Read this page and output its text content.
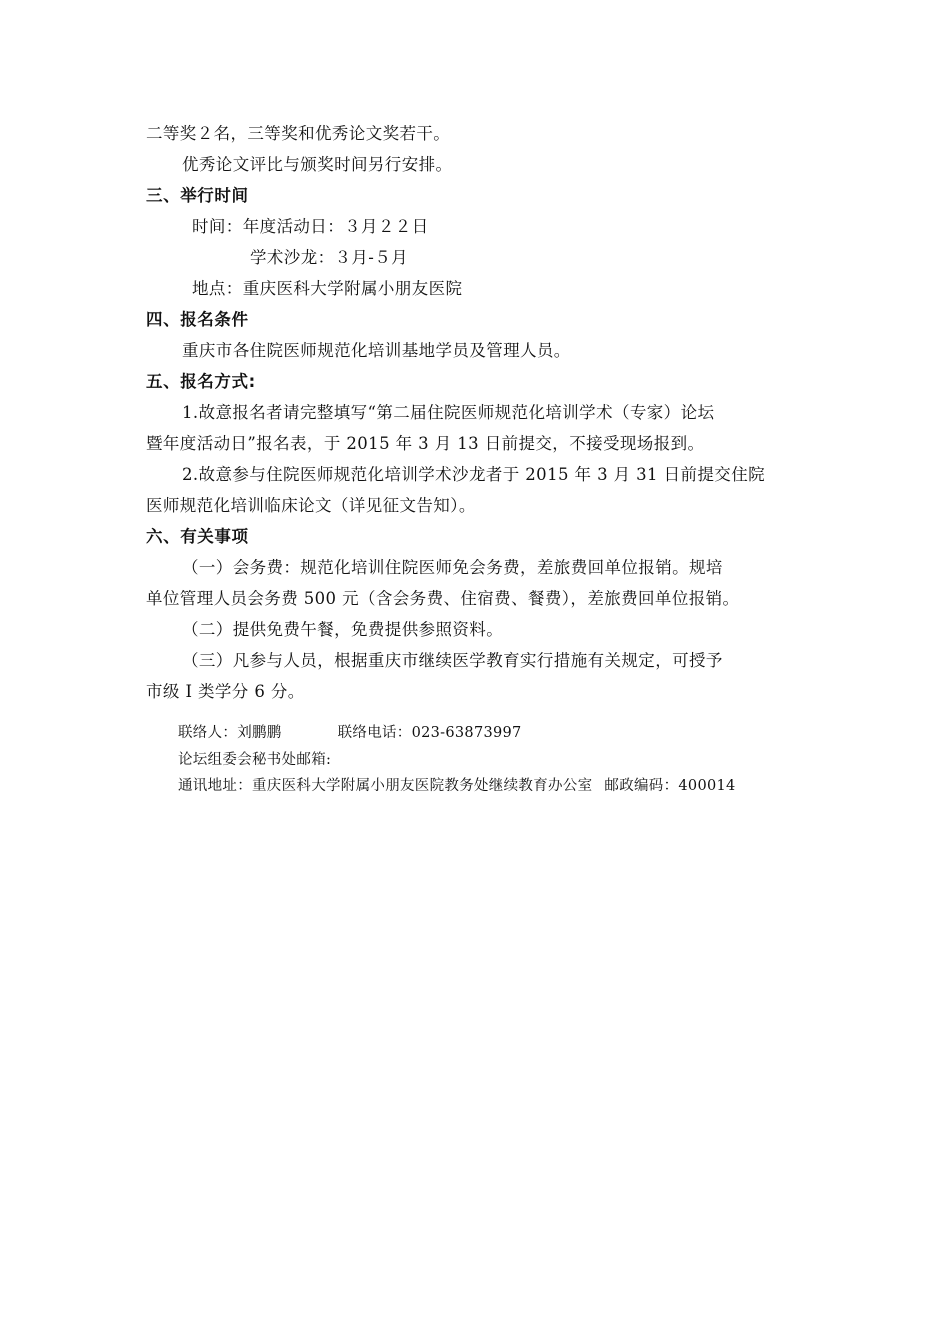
二等奖２名，三等奖和优秀论文奖若干。
优秀论文评比与颁奖时间另行安排。
三、举行时间
时间：年度活动日：３月２２日
学术沙龙：３月-５月
地点：重庆医科大学附属小朋友医院
四、报名条件
重庆市各住院医师规范化培训基地学员及管理人员。
五、报名方式:
1.故意报名者请完整填写“第二届住院医师规范化培训学术（专家）论坛
暨年度活动日”报名表，于 2015 年 3 月 13 日前提交，不接受现场报到。
2.故意参与住院医师规范化培训学术沙龙者于 2015 年 3 月 31 日前提交住院
医师规范化培训临床论文（详见征文告知）。
六、有关事项
（一）会务费：规范化培训住院医师免会务费，差旅费回单位报销。规培
单位管理人员会务费 500 元（含会务费、住宿费、餐费），差旅费回单位报销。
（二）提供免费午餐，免费提供参照资料。
（三）凡参与人员，根据重庆市继续医学教育实行措施有关规定，可授予
市级 I 类学分 6 分。
联络人：刘鹏鹏	联络电话：023-63873997
论坛组委会秘书处邮箱:
通讯地址：重庆医科大学附属小朋友医院教务处继续教育办公室 邮政编码：400014
